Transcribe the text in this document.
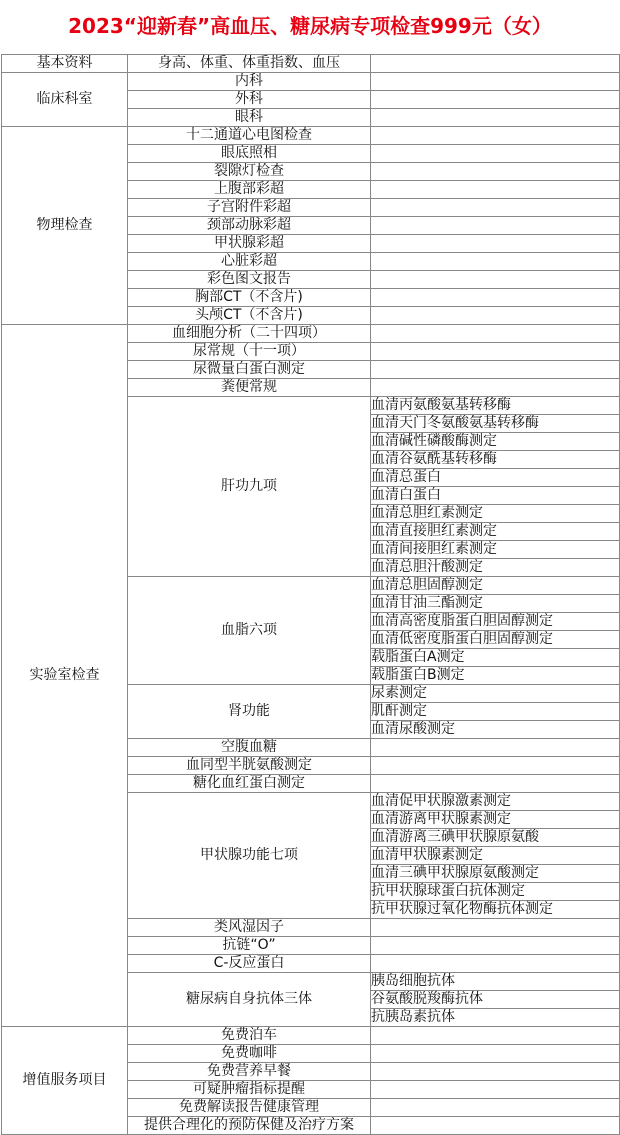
2023“迎新春”高血压、糖尿病专项检查999元（女）
基本资料	身高、体重、体重指数、血压	
临床科室	内科	
	外科	
	眼科	
物理检查	十二通道心电图检查	
	眼底照相	
	裂隙灯检查	
	上腹部彩超	
	子宫附件彩超	
	颈部动脉彩超	
	甲状腺彩超	
	心脏彩超	
	彩色图文报告	
	胸部CT（不含片)	
	头颅CT（不含片)	
实验室检查	血细胞分析（二十四项）	
	尿常规（十一项）	
	尿微量白蛋白测定	
	粪便常规	
	肝功九项	血清丙氨酸氨基转移酶
		血清天门冬氨酸氨基转移酶
		血清碱性磷酸酶测定
		血清谷氨酰基转移酶
		血清总蛋白
		血清白蛋白
		血清总胆红素测定
		血清直接胆红素测定
		血清间接胆红素测定
		血清总胆汁酸测定
	血脂六项	血清总胆固醇测定
		血清甘油三酯测定
		血清高密度脂蛋白胆固醇测定
		血清低密度脂蛋白胆固醇测定
		载脂蛋白A测定
		载脂蛋白B测定
	肾功能	尿素测定
		肌酐测定
		血清尿酸测定
	空腹血糖	
	血同型半胱氨酸测定	
	糖化血红蛋白测定	
	甲状腺功能七项	血清促甲状腺激素测定
		血清游离甲状腺素测定
		血清游离三碘甲状腺原氨酸
		血清甲状腺素测定
		血清三碘甲状腺原氨酸测定
		抗甲状腺球蛋白抗体测定
		抗甲状腺过氧化物酶抗体测定
	类风湿因子	
	抗链“O”	
	C-反应蛋白	
	糖尿病自身抗体三体	胰岛细胞抗体
		谷氨酸脱羧酶抗体
		抗胰岛素抗体
增值服务项目	免费泊车	
	免费咖啡	
	免费营养早餐	
	可疑肿瘤指标提醒	
	免费解读报告健康管理	
	提供合理化的预防保健及治疗方案	
